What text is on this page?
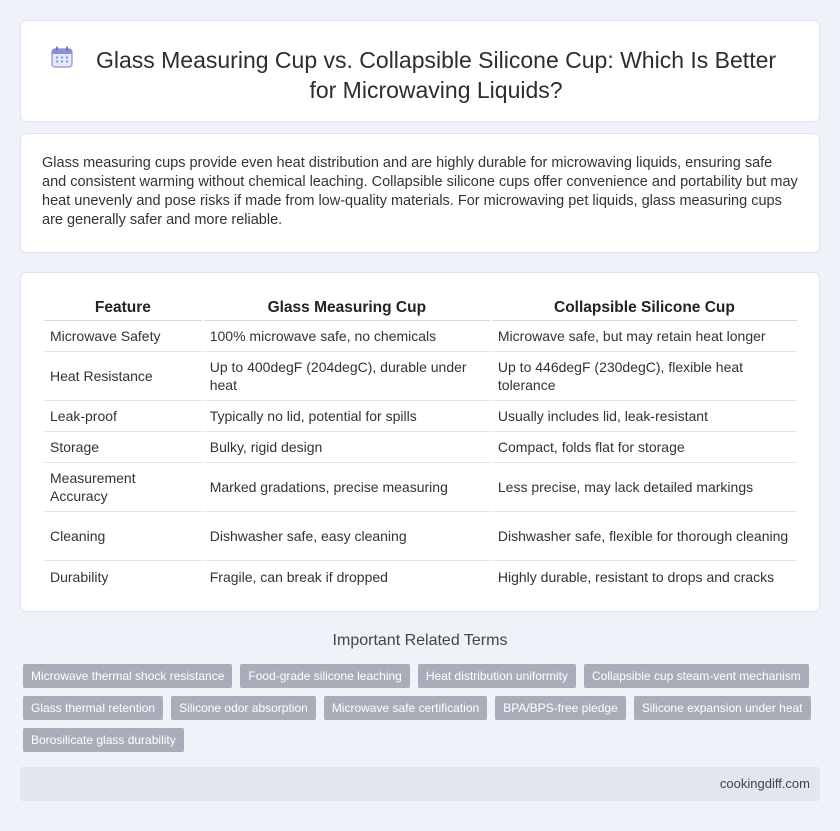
Glass Measuring Cup vs. Collapsible Silicone Cup: Which Is Better for Microwaving Liquids?

Glass measuring cups provide even heat distribution and are highly durable for microwaving liquids, ensuring safe and consistent warming without chemical leaching. Collapsible silicone cups offer convenience and portability but may heat unevenly and pose risks if made from low-quality materials. For microwaving pet liquids, glass measuring cups are generally safer and more reliable.

Feature	Glass Measuring Cup	Collapsible Silicone Cup
Microwave Safety	100% microwave safe, no chemicals	Microwave safe, but may retain heat longer
Heat Resistance	Up to 400degF (204degC), durable under heat	Up to 446degF (230degC), flexible heat tolerance
Leak-proof	Typically no lid, potential for spills	Usually includes lid, leak-resistant
Storage	Bulky, rigid design	Compact, folds flat for storage
Measurement Accuracy	Marked gradations, precise measuring	Less precise, may lack detailed markings
Cleaning	Dishwasher safe, easy cleaning	Dishwasher safe, flexible for thorough cleaning
Durability	Fragile, can break if dropped	Highly durable, resistant to drops and cracks
Important Related Terms
Microwave thermal shock resistance	Food-grade silicone leaching	Heat distribution uniformity	Collapsible cup steam-vent mechanism
Glass thermal retention	Silicone odor absorption	Microwave safe certification	BPA/BPS-free pledge	Silicone expansion under heat
Borosilicate glass durability
cookingdiff.com
